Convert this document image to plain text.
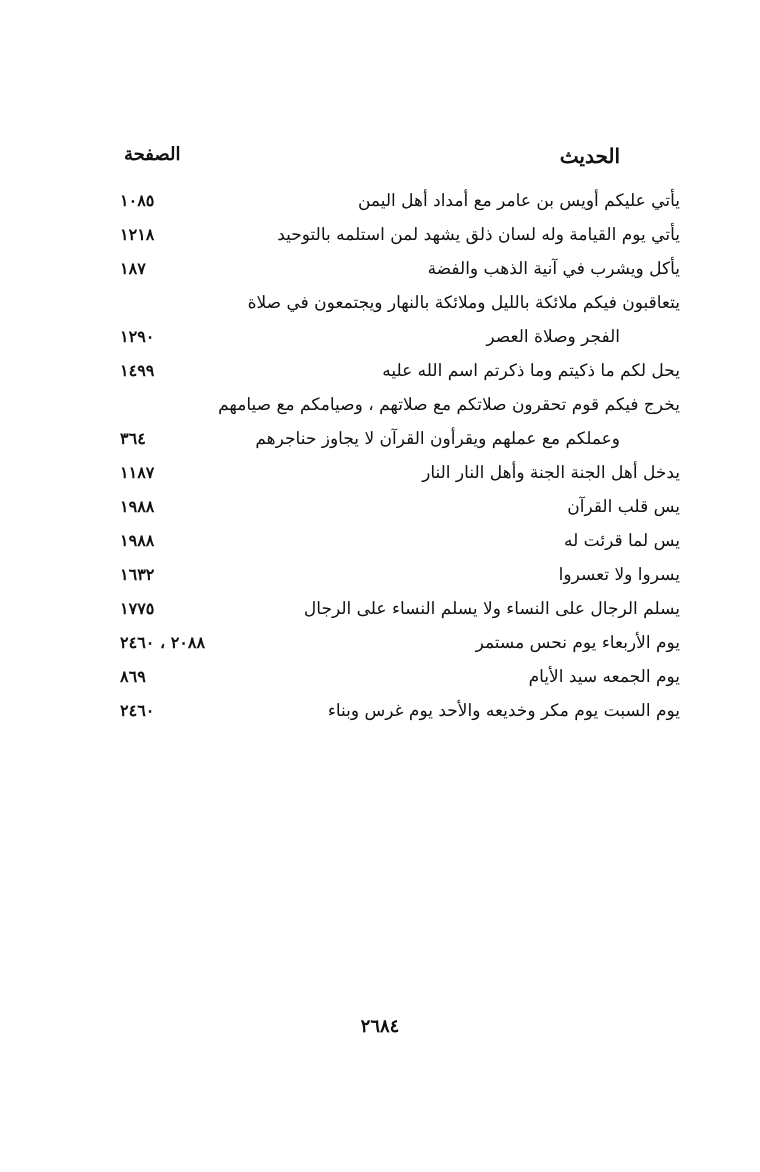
الحديث
الصفحة
يأتي عليكم أويس بن عامر مع أمداد أهل اليمن
١٠٨٥
يأتي يوم القيامة وله لسان ذلق يشهد لمن استلمه بالتوحيد
١٢١٨
يأكل ويشرب في آنية الذهب والفضة
١٨٧
يتعاقبون فيكم ملائكة بالليل وملائكة بالنهار ويجتمعون في صلاة
الفجر وصلاة العصر
١٢٩٠
يحل لكم ما ذكيتم وما ذكرتم اسم الله عليه
١٤٩٩
يخرج فيكم قوم تحقرون صلاتكم مع صلاتهم ، وصيامكم مع صيامهم
وعملكم مع عملهم ويقرأون القرآن لا يجاوز حناجرهم
٣٦٤
يدخل أهل الجنة الجنة وأهل النار النار
١١٨٧
يس قلب القرآن
١٩٨٨
يس لما قرئت له
١٩٨٨
يسروا ولا تعسروا
١٦٣٢
يسلم الرجال على النساء ولا يسلم النساء على الرجال
١٧٧٥
يوم الأربعاء يوم نحس مستمر
٢٠٨٨ ، ٢٤٦٠
يوم الجمعه سيد الأيام
٨٦٩
يوم السبت يوم مكر وخديعه والأحد يوم غرس وبناء
٢٤٦٠
٢٦٨٤
